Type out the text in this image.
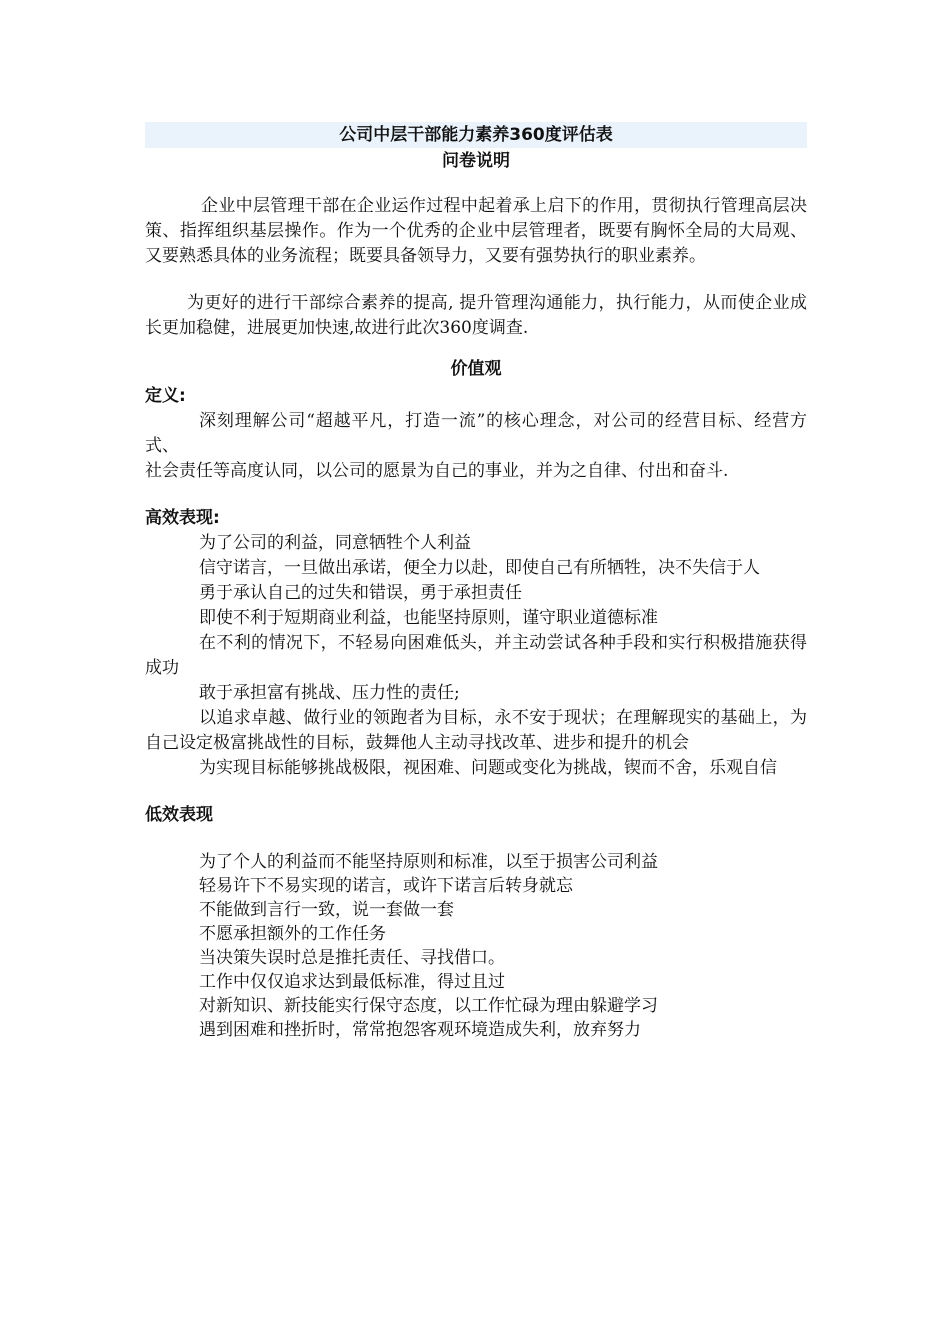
公司中层干部能力素养360度评估表
问卷说明

企业中层管理干部在企业运作过程中起着承上启下的作用，贯彻执行管理高层决策、指挥组织基层操作。作为一个优秀的企业中层管理者，既要有胸怀全局的大局观、又要熟悉具体的业务流程；既要具备领导力，又要有强势执行的职业素养。

为更好的进行干部综合素养的提高, 提升管理沟通能力，执行能力，从而使企业成长更加稳健，进展更加快速,故进行此次360度调查.

价值观

定义:

深刻理解公司“超越平凡，打造一流”的核心理念，对公司的经营目标、经营方式、

社会责任等高度认同，以公司的愿景为自己的事业，并为之自律、付出和奋斗.

高效表现:

为了公司的利益，同意牺牲个人利益
信守诺言，一旦做出承诺，便全力以赴，即使自己有所牺牲，决不失信于人
勇于承认自己的过失和错误，勇于承担责任
即使不利于短期商业利益，也能坚持原则，谨守职业道德标准
在不利的情况下，不轻易向困难低头，并主动尝试各种手段和实行积极措施获得成功
敢于承担富有挑战、压力性的责任;
以追求卓越、做行业的领跑者为目标，永不安于现状；在理解现实的基础上，为自己设定极富挑战性的目标，鼓舞他人主动寻找改革、进步和提升的机会
为实现目标能够挑战极限，视困难、问题或变化为挑战，锲而不舍，乐观自信

低效表现

为了个人的利益而不能坚持原则和标准，以至于损害公司利益
轻易许下不易实现的诺言，或许下诺言后转身就忘
不能做到言行一致，说一套做一套
不愿承担额外的工作任务
当决策失误时总是推托责任、寻找借口。
工作中仅仅追求达到最低标准，得过且过
对新知识、新技能实行保守态度，以工作忙碌为理由躲避学习
遇到困难和挫折时，常常抱怨客观环境造成失利，放弃努力
